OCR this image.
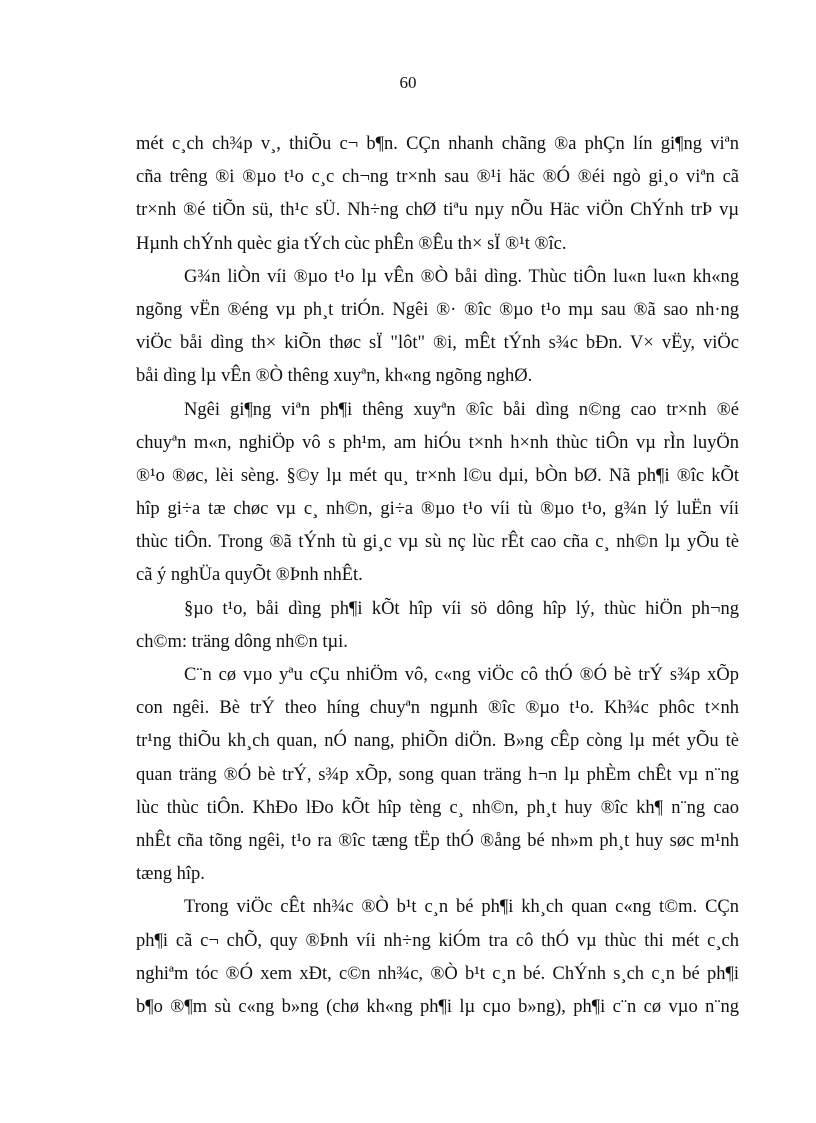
60
mét c¸ch ch¾p v¸, thiÕu c¬ b¶n. CÇn nhanh chãng ®a phÇn lín gi¶ng viªn
cña trêng ®i ®µo t¹o c¸c ch¬ng tr×nh sau ®¹i häc ®Ó ®éi ngò gi¸o viªn cã
tr×nh ®é tiÕn sü, th¹c sÜ. Nh÷ng chØ tiªu nµy nÕu Häc viÖn ChÝnh trÞ vµ
Hµnh chÝnh quèc gia tÝch cùc phÊn ®Êu th× sÏ ®¹t ®îc.
G¾n liÒn víi ®µo t¹o lµ vÊn ®Ò båi dìng. Thùc tiÔn lu«n lu«n kh«ng
ngõng vËn ®éng vµ ph¸t triÓn. Ngêi ®· ®îc ®µo t¹o mµ sau ®ã sao nh·ng
viÖc båi dìng th× kiÕn thøc sÏ "lôt" ®i, mÊt tÝnh s¾c bÐn. V× vËy, viÖc
båi dìng lµ vÊn ®Ò thêng xuyªn, kh«ng ngõng nghØ.
Ngêi gi¶ng viªn ph¶i thêng xuyªn ®îc båi dìng n©ng cao tr×nh ®é
chuyªn m«n, nghiÖp vô s ph¹m, am hiÓu t×nh h×nh thùc tiÔn vµ rÌn luyÖn
®¹o ®øc, lèi sèng. §©y lµ mét qu¸ tr×nh l©u dµi, bÒn bØ. Nã ph¶i ®îc kÕt
hîp gi÷a tæ chøc vµ c¸ nh©n, gi÷a ®µo t¹o víi tù ®µo t¹o, g¾n lý luËn víi
thùc tiÔn. Trong ®ã tÝnh tù gi¸c vµ sù nç lùc rÊt cao cña c¸ nh©n lµ yÕu tè
cã ý nghÜa quyÕt ®Þnh nhÊt.
§µo t¹o, båi dìng ph¶i kÕt hîp víi sö dông hîp lý, thùc hiÖn ph¬ng
ch©m: träng dông nh©n tµi.
C¨n cø vµo yªu cÇu nhiÖm vô, c«ng viÖc cô thÓ ®Ó bè trÝ s¾p xÕp
con ngêi. Bè trÝ theo híng chuyªn ngµnh ®îc ®µo t¹o. Kh¾c phôc t×nh
tr¹ng thiÕu kh¸ch quan, nÓ nang, phiÕn diÖn. B»ng cÊp còng lµ mét yÕu tè
quan träng ®Ó bè trÝ, s¾p xÕp, song quan träng h¬n lµ phÈm chÊt vµ n¨ng
lùc thùc tiÔn. KhÐo lÐo kÕt hîp tèng c¸ nh©n, ph¸t huy ®îc kh¶ n¨ng cao
nhÊt cña tõng ngêi, t¹o ra ®îc tæng tËp thÓ ®ång bé nh»m ph¸t huy søc m¹nh
tæng hîp.
Trong viÖc cÊt nh¾c ®Ò b¹t c¸n bé ph¶i kh¸ch quan c«ng t©m. CÇn
ph¶i cã c¬ chÕ, quy ®Þnh víi nh÷ng kiÓm tra cô thÓ vµ thùc thi mét c¸ch
nghiªm tóc ®Ó xem xÐt, c©n nh¾c, ®Ò b¹t c¸n bé. ChÝnh s¸ch c¸n bé ph¶i
b¶o ®¶m sù c«ng b»ng (chø kh«ng ph¶i lµ cµo b»ng), ph¶i c¨n cø vµo n¨ng
